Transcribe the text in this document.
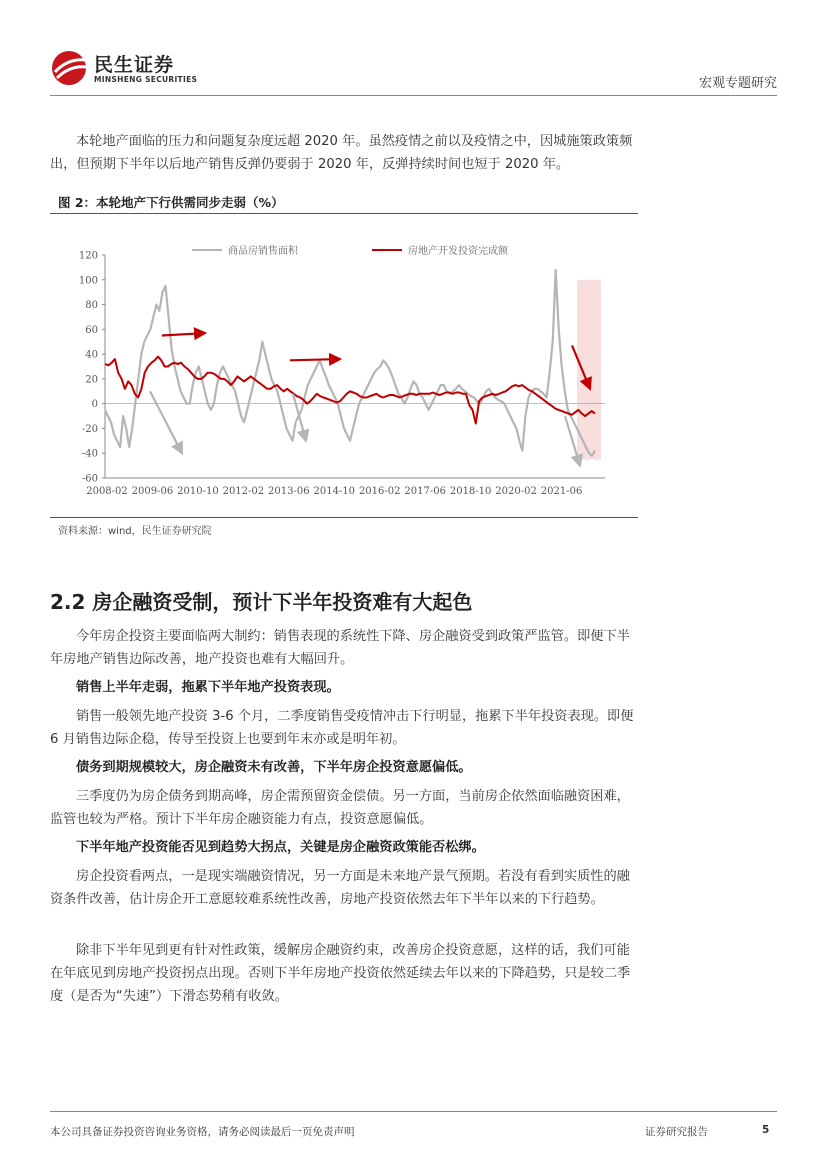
民生证券
MINSHENG SECURITIES	宏观专题研究
本轮地产面临的压力和问题复杂度远超 2020 年。虽然疫情之前以及疫情之中，因城施策政策频出，但预期下半年以后地产销售反弹仍要弱于 2020 年，反弹持续时间也短于 2020 年。
图 2：本轮地产下行供需同步走弱（%）
-60
-40
-20
0
20
40
60
80
100
120
2008-02 2009-06 2010-10 2012-02 2013-06 2014-10 2016-02 2017-06 2018-10 2020-02 2021-06
商品房销售面积	房地产开发投资完成额
资料来源：wind，民生证券研究院
2.2 房企融资受制，预计下半年投资难有大起色
今年房企投资主要面临两大制约：销售表现的系统性下降、房企融资受到政策严监管。即便下半年房地产销售边际改善，地产投资也难有大幅回升。
销售上半年走弱，拖累下半年地产投资表现。
销售一般领先地产投资 3-6 个月，二季度销售受疫情冲击下行明显，拖累下半年投资表现。即便 6 月销售边际企稳，传导至投资上也要到年末亦或是明年初。
债务到期规模较大，房企融资未有改善，下半年房企投资意愿偏低。
三季度仍为房企债务到期高峰，房企需预留资金偿债。另一方面，当前房企依然面临融资困难，监管也较为严格。预计下半年房企融资能力有点，投资意愿偏低。
下半年地产投资能否见到趋势大拐点，关键是房企融资政策能否松绑。
房企投资看两点，一是现实端融资情况，另一方面是未来地产景气预期。若没有看到实质性的融资条件改善，估计房企开工意愿较难系统性改善，房地产投资依然去年下半年以来的下行趋势。
除非下半年见到更有针对性政策，缓解房企融资约束，改善房企投资意愿，这样的话，我们可能在年底见到房地产投资拐点出现。否则下半年房地产投资依然延续去年以来的下降趋势，只是较二季度（是否为“失速”）下滑态势稍有收敛。
本公司具备证券投资咨询业务资格，请务必阅读最后一页免责声明	证券研究报告	5
